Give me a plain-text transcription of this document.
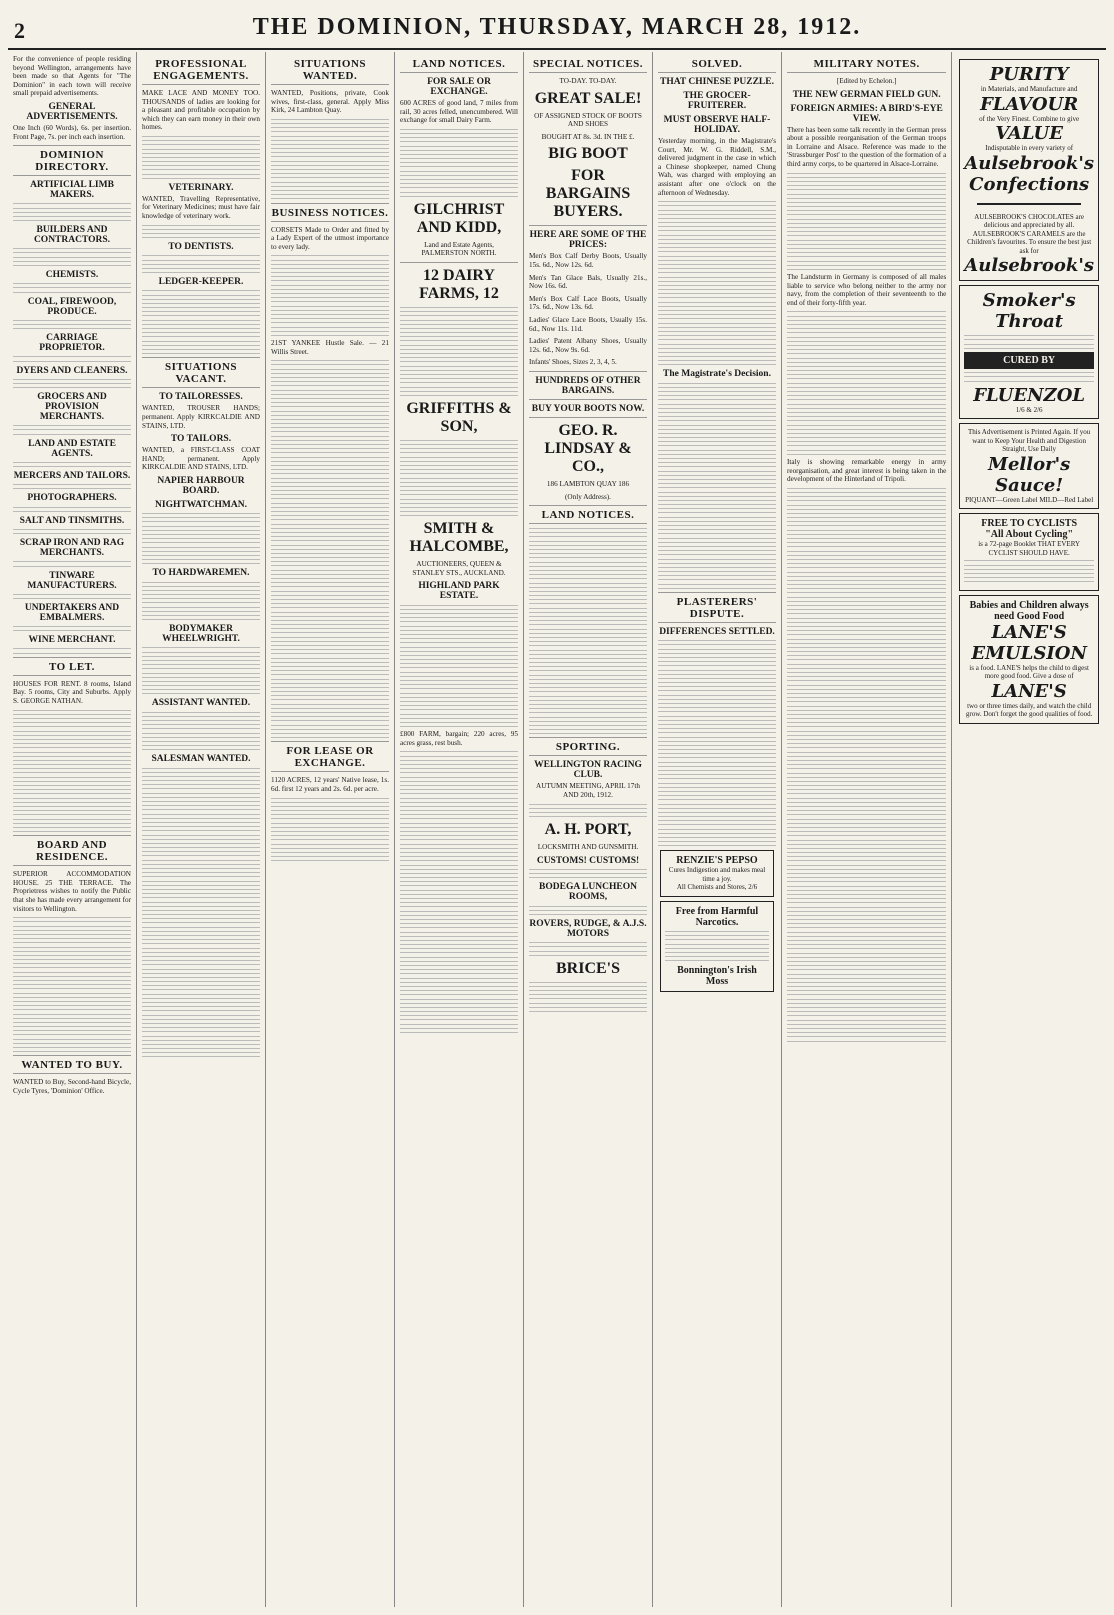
2	THE DOMINION, THURSDAY, MARCH 28, 1912.

For the convenience of people residing beyond Wellington, arrangements have been made so that Agents for "The Dominion" in each town will receive small prepaid advertisements.

GENERAL ADVERTISEMENTS.

One Inch (60 Words), 6s. per insertion. Front Page, 7s. per inch each insertion.

DOMINION DIRECTORY.
ARTIFICIAL LIMB MAKERS.
BUILDERS AND CONTRACTORS.
CHEMISTS.
COAL, FIREWOOD, PRODUCE.
CARRIAGE PROPRIETOR.
DYERS AND CLEANERS.
GROCERS AND PROVISION MERCHANTS.
LAND AND ESTATE AGENTS.
MERCERS AND TAILORS.
PHOTOGRAPHERS.
SALT AND TINSMITHS.
SCRAP IRON AND RAG MERCHANTS.
TINWARE MANUFACTURERS.
UNDERTAKERS AND EMBALMERS.
WINE MERCHANT.
TO LET.

HOUSES FOR RENT. 8 rooms, Island Bay. 5 rooms, City and Suburbs. Apply S. GEORGE NATHAN.

BOARD AND RESIDENCE.

SUPERIOR ACCOMMODATION HOUSE. 25 THE TERRACE. The Proprietress wishes to notify the Public that she has made every arrangement for visitors to Wellington.

WANTED TO BUY.

WANTED to Buy, Second-hand Bicycle, Cycle Tyres, 'Dominion' Office.

PROFESSIONAL ENGAGEMENTS.

MAKE LACE AND MONEY TOO. THOUSANDS of ladies are looking for a pleasant and profitable occupation by which they can earn money in their own homes.

VETERINARY.

WANTED, Travelling Representative, for Veterinary Medicines; must have fair knowledge of veterinary work.

TO DENTISTS.
LEDGER-KEEPER.
SITUATIONS VACANT.
TO TAILORESSES.

WANTED, TROUSER HANDS; permanent. Apply KIRKCALDIE AND STAINS, LTD.

TO TAILORS.

WANTED, a FIRST-CLASS COAT HAND; permanent. Apply KIRKCALDIE AND STAINS, LTD.

NAPIER HARBOUR BOARD.
NIGHTWATCHMAN.
TO HARDWAREMEN.
BODYMAKER WHEELWRIGHT.
ASSISTANT WANTED.
SALESMAN WANTED.
SITUATIONS WANTED.

WANTED, Positions, private, Cook wives, first-class, general. Apply Miss Kirk, 24 Lambton Quay.

BUSINESS NOTICES.

CORSETS Made to Order and fitted by a Lady Expert of the utmost importance to every lady.

21ST YANKEE Hustle Sale. — 21 Willis Street.

FOR LEASE OR EXCHANGE.

1120 ACRES, 12 years' Native lease, 1s. 6d. first 12 years and 2s. 6d. per acre.

LAND NOTICES.
FOR SALE OR EXCHANGE.

600 ACRES of good land, 7 miles from rail, 30 acres felled, unencumbered. Will exchange for small Dairy Farm.

GILCHRIST AND KIDD,

Land and Estate Agents, PALMERSTON NORTH.

12 DAIRY FARMS, 12
GRIFFITHS & SON,
SMITH & HALCOMBE,

AUCTIONEERS, QUEEN & STANLEY STS., AUCKLAND.

HIGHLAND PARK ESTATE.

£800 FARM, bargain; 220 acres, 95 acres grass, rest bush.

SPECIAL NOTICES.

TO-DAY. TO-DAY.

GREAT SALE!

OF ASSIGNED STOCK OF BOOTS AND SHOES

BOUGHT AT 8s. 3d. IN THE £.

BIG BOOT
FOR BARGAINS BUYERS.
HERE ARE SOME OF THE PRICES:

Men's Box Calf Derby Boots, Usually 15s. 6d., Now 12s. 6d.

Men's Tan Glace Bals, Usually 21s., Now 16s. 6d.

Men's Box Calf Lace Boots, Usually 17s. 6d., Now 13s. 6d.

Ladies' Glace Lace Boots, Usually 15s. 6d., Now 11s. 11d.

Ladies' Patent Albany Shoes, Usually 12s. 6d., Now 9s. 6d.

Infants' Shoes, Sizes 2, 3, 4, 5.

HUNDREDS OF OTHER BARGAINS.
BUY YOUR BOOTS NOW.
GEO. R. LINDSAY & CO.,

186 LAMBTON QUAY 186

(Only Address).

LAND NOTICES.
SPORTING.
WELLINGTON RACING CLUB.

AUTUMN MEETING, APRIL 17th AND 20th, 1912.

A. H. PORT,

LOCKSMITH AND GUNSMITH.

CUSTOMS! CUSTOMS!
BODEGA LUNCHEON ROOMS,
ROVERS, RUDGE, & A.J.S. MOTORS
BRICE'S
SOLVED.
THAT CHINESE PUZZLE.
THE GROCER-FRUITERER.
MUST OBSERVE HALF-HOLIDAY.

Yesterday morning, in the Magistrate's Court, Mr. W. G. Riddell, S.M., delivered judgment in the case in which a Chinese shopkeeper, named Chung Wah, was charged with employing an assistant after one o'clock on the afternoon of Wednesday.

The Magistrate's Decision.
PLASTERERS' DISPUTE.
DIFFERENCES SETTLED.
RENZIE'S PEPSO
Cures Indigestion and makes meal time a joy.
All Chemists and Stores, 2/6
Free from Harmful Narcotics.
Bonnington's Irish Moss
MILITARY NOTES.

[Edited by Echelon.]

THE NEW GERMAN FIELD GUN.
FOREIGN ARMIES: A BIRD'S-EYE VIEW.

There has been some talk recently in the German press about a possible reorganisation of the German troops in Lorraine and Alsace. Reference was made to the 'Strassburger Post' to the question of the formation of a third army corps, to be quartered in Alsace-Lorraine.

The Landsturm in Germany is composed of all males liable to service who belong neither to the army nor navy, from the completion of their seventeenth to the end of their forty-fifth year.

Italy is showing remarkable energy in army reorganisation, and great interest is being taken in the development of the Hinterland of Tripoli.

PURITY
in Materials, and Manufacture and
FLAVOUR
of the Very Finest. Combine to give
VALUE
Indisputable in every variety of
Aulsebrook's
Confections
AULSEBROOK'S CHOCOLATES are delicious and appreciated by all. AULSEBROOK'S CARAMELS are the Children's favourites. To ensure the best just ask for
Aulsebrook's
Smoker's
Throat
CURED BY
FLUENZOL
1/6 & 2/6
This Advertisement is Printed Again. If you want to Keep Your Health and Digestion Straight, Use Daily
Mellor's Sauce!
PIQUANT—Green Label MILD—Red Label
FREE TO CYCLISTS
"All About Cycling"
is a 72-page Booklet THAT EVERY CYCLIST SHOULD HAVE.
Babies and Children always need Good Food
LANE'S EMULSION
is a food. LANE'S helps the child to digest more good food. Give a dose of
LANE'S
two or three times daily, and watch the child grow. Don't forget the good qualities of food.
